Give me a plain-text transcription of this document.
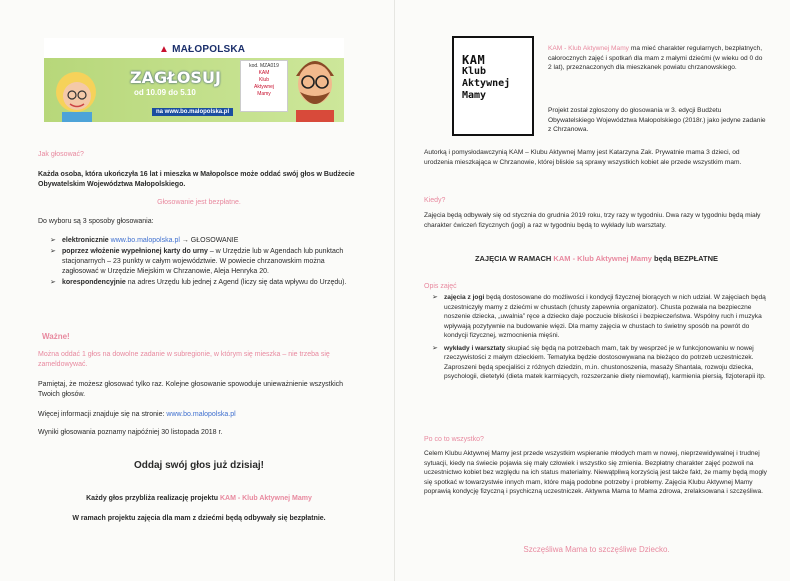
▲ MAŁOPOLSKA
ZAGŁOSUJ
od 10.09 do 5.10
na www.bo.malopolska.pl
kod. MZA019
KAM
Klub
Aktywnej
Mamy
Jak głosować?
Każda osoba, która ukończyła 16 lat i mieszka w Małopolsce może oddać swój głos w Budżecie Obywatelskim Województwa Małopolskiego.
Głosowanie jest bezpłatne.
Do wyboru są 3 sposoby głosowania:
➢ elektronicznie www.bo.malopolska.pl → GŁOSOWANIE
➢ poprzez włożenie wypełnionej karty do urny – w Urzędzie lub w Agendach lub punktach stacjonarnych – 23 punkty w całym województwie. W powiecie chrzanowskim można zagłosować w Urzędzie Miejskim w Chrzanowie, Aleja Henryka 20.
➢ korespondencyjnie na adres Urzędu lub jednej z Agend (liczy się data wpływu do Urzędu).
Ważne!
Można oddać 1 głos na dowolne zadanie w subregionie, w którym się mieszka – nie trzeba się zameldowywać.
Pamiętaj, że możesz głosować tylko raz. Kolejne głosowanie spowoduje unieważnienie wszystkich Twoich głosów.
Więcej informacji znajduje się na stronie: www.bo.malopolska.pl
Wyniki głosowania poznamy najpóźniej 30 listopada 2018 r.
Oddaj swój głos już dzisiaj!
Każdy głos przybliża realizację projektu KAM - Klub Aktywnej Mamy
W ramach projektu zajęcia dla mam z dziećmi będą odbywały się bezpłatnie.
KAM
Klub
Aktywnej
Mamy
KAM - Klub Aktywnej Mamy ma mieć charakter regularnych, bezpłatnych, całorocznych zajęć i spotkań dla mam z małymi dziećmi (w wieku od 0 do 2 lat), przeznaczonych dla mieszkanek powiatu chrzanowskiego.
Projekt został zgłoszony do głosowania w 3. edycji Budżetu Obywatelskiego Województwa Małopolskiego (2018r.) jako jedyne zadanie z Chrzanowa.
Autorką i pomysłodawczynią KAM – Klubu Aktywnej Mamy jest Katarzyna Zak. Prywatnie mama 3 dzieci, od urodzenia mieszkająca w Chrzanowie, której bliskie są sprawy wszystkich kobiet ale przede wszystkim mam.
Kiedy?
Zajęcia będą odbywały się od stycznia do grudnia 2019 roku, trzy razy w tygodniu. Dwa razy w tygodniu będą miały charakter ćwiczeń fizycznych (jogi) a raz w tygodniu będą to wykłady lub warsztaty.
ZAJĘCIA W RAMACH KAM - Klub Aktywnej Mamy będą BEZPŁATNE
Opis zajęć
➢ zajęcia z jogi będą dostosowane do możliwości i kondycji fizycznej biorących w nich udział. W zajęciach będą uczestniczyły mamy z dziećmi w chustach (chusty zapewnia organizator). Chusta pozwala na bezpieczne noszenie dziecka, „uwalnia” ręce a dziecko daje poczucie bliskości i bezpieczeństwa. Wspólny ruch i muzyka wpływają pozytywnie na budowanie więzi. Dla mamy zajęcia w chustach to świetny sposób na powrót do kondycji fizycznej, wzmocnienia mięśni.
➢ wykłady i warsztaty skupiać się będą na potrzebach mam, tak by wesprzeć je w funkcjonowaniu w nowej rzeczywistości z małym dzieckiem. Tematyka będzie dostosowywana na bieżąco do potrzeb uczestniczek. Zaproszeni będą specjaliści z różnych dziedzin, m.in. chustonoszenia, masaży Shantala, rozwoju dziecka, psychologii, dietetyki (dieta matek karmiących, rozszerzanie diety niemowląt), karmienia piersią, fizjoterapii itp.
Po co to wszystko?
Celem Klubu Aktywnej Mamy jest przede wszystkim wspieranie młodych mam w nowej, nieprzewidywalnej i trudnej sytuacji, kiedy na świecie pojawia się mały człowiek i wszystko się zmienia. Bezpłatny charakter zajęć pozwoli na uczestnictwo kobiet bez względu na ich status materialny. Niewątpliwą korzyścią jest także fakt, że mamy będą mogły się spotkać w towarzystwie innych mam, które mają podobne potrzeby i problemy. Zajęcia Klubu Aktywnej Mamy poprawią kondycję fizyczną i psychiczną uczestniczek. Aktywna Mama to Mama zdrowa, zrelaksowana i szczęśliwa.
Szczęśliwa Mama to szczęśliwe Dziecko.
